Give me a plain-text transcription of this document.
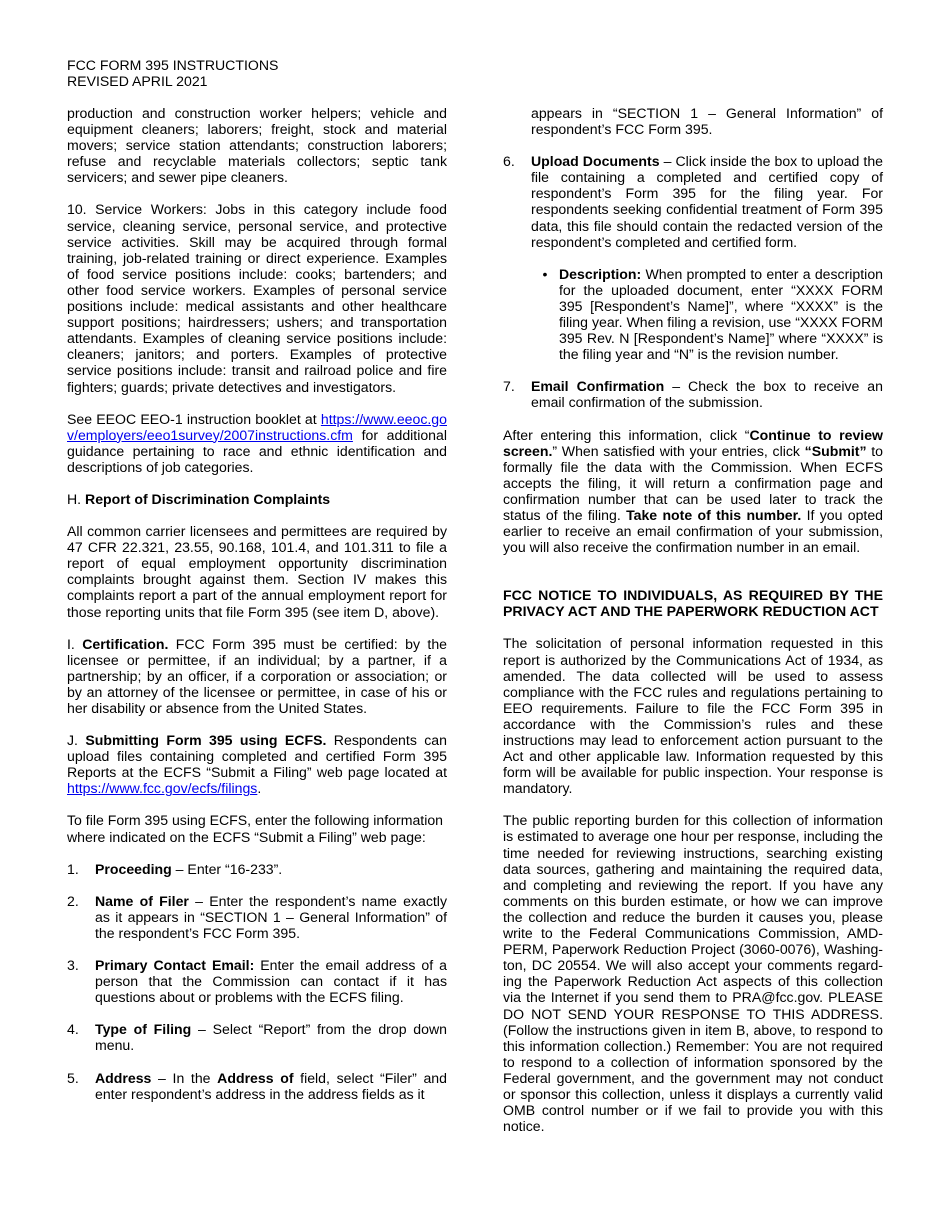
FCC FORM 395 INSTRUCTIONS
REVISED APRIL 2021

production and construction worker helpers; vehicle and equipment cleaners; laborers; freight, stock and material movers; service station attendants; construction laborers; refuse and recyclable materials collectors; septic tank servicers; and sewer pipe cleaners.

10. Service Workers: Jobs in this category include food service, cleaning service, personal service, and protective service activities. Skill may be acquired through formal training, job-related training or direct experience. Examples of food service positions include: cooks; bartenders; and other food service workers. Examples of personal service positions include: medical assistants and other healthcare support positions; hairdressers; ushers; and transportation attendants. Examples of cleaning service positions include: cleaners; janitors; and porters. Examples of protective service positions include: transit and railroad police and fire fighters; guards; private detectives and investigators.

See EEOC EEO-1 instruction booklet at https://www.eeoc.gov/employers/eeo1survey/2007instructions.cfm for additional guidance pertaining to race and ethnic identification and descriptions of job categories.

H. Report of Discrimination Complaints

All common carrier licensees and permittees are required by 47 CFR 22.321, 23.55, 90.168, 101.4, and 101.311 to file a report of equal employment opportunity discrimination complaints brought against them. Section IV makes this complaints report a part of the annual employment report for those reporting units that file Form 395 (see item D, above).

I. Certification. FCC Form 395 must be certified: by the licensee or permittee, if an individual; by a partner, if a partnership; by an officer, if a corporation or association; or by an attorney of the licensee or permittee, in case of his or her disability or absence from the United States.

J. Submitting Form 395 using ECFS. Respondents can upload files containing completed and certified Form 395 Reports at the ECFS “Submit a Filing” web page located at https://www.fcc.gov/ecfs/filings.

To file Form 395 using ECFS, enter the following information where indicated on the ECFS “Submit a Filing” web page:

1.	Proceeding – Enter “16-233”.
2.	Name of Filer – Enter the respondent’s name exactly as it appears in “SECTION 1 – General Information” of the respondent’s FCC Form 395.
3.	Primary Contact Email: Enter the email address of a person that the Commission can contact if it has questions about or problems with the ECFS filing.
4.	Type of Filing – Select “Report” from the drop down menu.
5.	Address – In the Address of field, select “Filer” and enter respondent’s address in the address fields as it
appears in “SECTION 1 – General Information” of respondent’s FCC Form 395.
6.	Upload Documents – Click inside the box to upload the file containing a completed and certified copy of respondent’s Form 395 for the filing year. For respondents seeking confidential treatment of Form 395 data, this file should contain the redacted version of the respondent’s completed and certified form.
• Description: When prompted to enter a description for the uploaded document, enter “XXXX FORM 395 [Respondent’s Name]”, where “XXXX” is the filing year. When filing a revision, use “XXXX FORM 395 Rev. N [Respondent’s Name]” where “XXXX” is the filing year and “N” is the revision number.
7.	Email Confirmation – Check the box to receive an email confirmation of the submission.

After entering this information, click “Continue to review screen.” When satisfied with your entries, click “Submit” to formally file the data with the Commission. When ECFS accepts the filing, it will return a confirmation page and confirmation number that can be used later to track the status of the filing. Take note of this number. If you opted earlier to receive an email confirmation of your submission, you will also receive the confirmation number in an email.

FCC NOTICE TO INDIVIDUALS, AS REQUIRED BY THE PRIVACY ACT AND THE PAPERWORK REDUCTION ACT

The solicitation of personal information requested in this report is authorized by the Communications Act of 1934, as amended. The data collected will be used to assess compliance with the FCC rules and regulations pertaining to EEO requirements. Failure to file the FCC Form 395 in accordance with the Commission’s rules and these instructions may lead to enforcement action pursuant to the Act and other applicable law. Information requested by this form will be available for public inspection. Your response is mandatory.

The public reporting burden for this collection of information is estimated to average one hour per response, including the time needed for reviewing instructions, searching existing data sources, gathering and maintaining the required data, and completing and reviewing the report. If you have any comments on this burden estimate, or how we can improve the collection and reduce the burden it causes you, please write to the Federal Communications Commission, AMD-PERM, Paperwork Reduction Project (3060-0076), Washing-ton, DC 20554. We will also accept your comments regard-ing the Paperwork Reduction Act aspects of this collection via the Internet if you send them to PRA@fcc.gov. PLEASE DO NOT SEND YOUR RESPONSE TO THIS ADDRESS. (Follow the instructions given in item B, above, to respond to this information collection.) Remember: You are not required to respond to a collection of information sponsored by the Federal government, and the government may not conduct or sponsor this collection, unless it displays a currently valid OMB control number or if we fail to provide you with this notice.
